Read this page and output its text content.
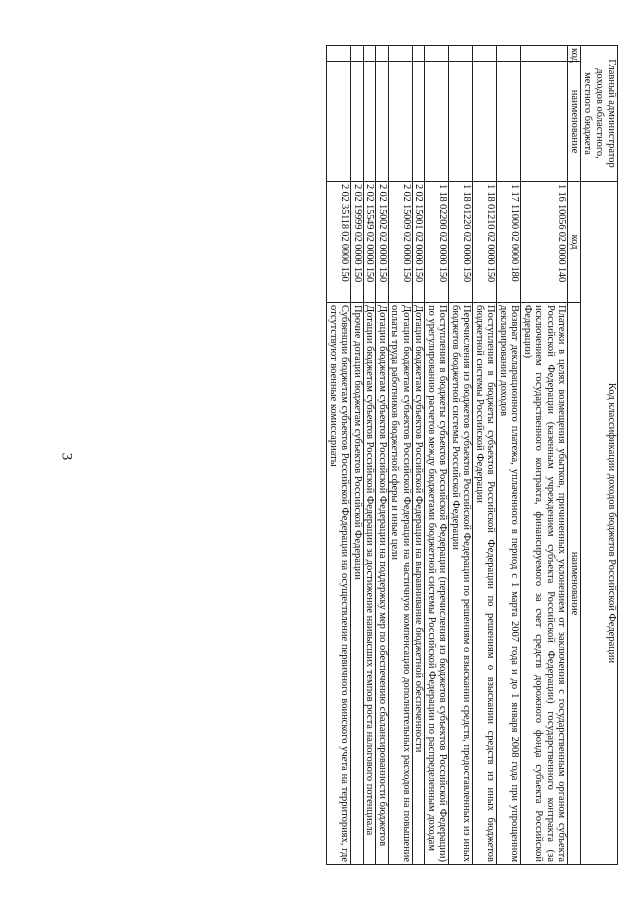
3
Главный администратор доходов областного, местного бюджета		Код классификации доходов бюджетов Российской Федерации	
код	наименование	код	наименование
		1 16 10056 02 0000 140	Платежи в целях возмещения убытков, причиненных уклонением от заключения с государственным органом субъекта Российской Федерации (казенным учреждением субъекта Российской Федерации) государственного контракта (за исключением государственного контракта, финансируемого за счет средств дорожного фонда субъекта Российской Федерации)
		1 17 11000 02 0000 180	Возврат декларационного платежа, уплаченного в период с 1 марта 2007 года и до 1 января 2008 года при упрощенном декларировании доходов
		1 18 01210 02 0000 150	Поступления в бюджеты субъектов Российской Федерации по решениям о взыскании средств из иных бюджетов бюджетной системы Российской Федерации
		1 18 01220 02 0000 150	Перечисления из бюджетов субъектов Российской Федерации по решениям о взыскании средств, предоставленных из иных бюджетов бюджетной системы Российской Федерации
		1 18 02200 02 0000 150	Поступления в бюджеты субъектов Российской Федерации (перечисления из бюджетов субъектов Российской Федерации) по урегулированию расчетов между бюджетами бюджетной системы Российской Федерации по распределенным доходам
		2 02 15001 02 0000 150	Дотации бюджетам субъектов Российской Федерации на выравнивание бюджетной обеспеченности
		2 02 15009 02 0000 150	Дотации бюджетам субъектов Российской Федерации на частичную компенсацию дополнительных расходов на повышение оплаты труда работников бюджетной сферы и иные цели
		2 02 15002 02 0000 150	Дотации бюджетам субъектов Российской Федерации на поддержку мер по обеспечению сбалансированности бюджетов
		2 02 15549 02 0000 150	Дотации бюджетам субъектов Российской Федерации за достижение наивысших темпов роста налогового потенциала
		2 02 19999 02 0000 150	Прочие дотации бюджетам субъектов Российской Федерации
		2 02 35118 02 0000 150	Субвенции бюджетам субъектов Российской Федерации на осуществление первичного воинского учета на территориях, где отсутствуют военные комиссариаты
